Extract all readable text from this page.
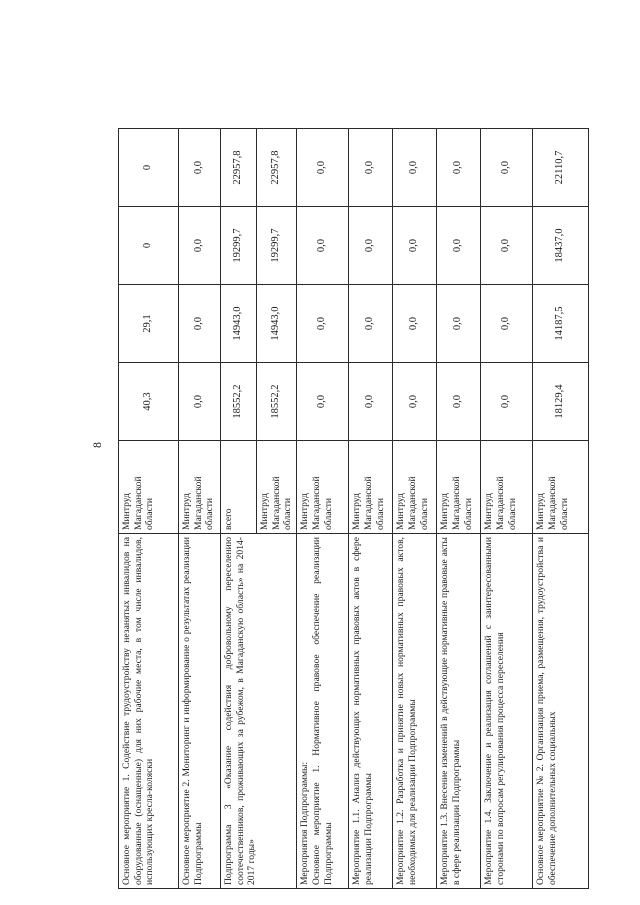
8
Основное мероприятие 1. Содействие трудоустройству незанятых инвалидов на оборудованные (оснащенные) для них рабочие места, в том числе инвалидов, использующих кресла-коляски	Минтруд Магаданской области	40,3	29,1	0	0
Основное мероприятие 2. Мониторинг и информирование о результатах реализации Подпрограммы	Минтруд Магаданской области	0,0	0,0	0,0	0,0
Подпрограмма 3 «Оказание содействия добровольному переселению соотечественников, проживающих за рубежом, в Магаданскую область» на 2014-2017 годы»	всего	18552,2	14943,0	19299,7	22957,8
	Минтруд Магаданской области	18552,2	14943,0	19299,7	22957,8

Мероприятия Подпрограммы: Основное мероприятие 1. Нормативное правовое обеспечение реализации Подпрограммы	Минтруд Магаданской области	0,0	0,0	0,0	0,0
Мероприятие 1.1. Анализ действующих нормативных правовых актов в сфере реализации Подпрограммы	Минтруд Магаданской области	0,0	0,0	0,0	0,0
Мероприятие 1.2. Разработка и принятие новых нормативных правовых актов, необходимых для реализации Подпрограммы	Минтруд Магаданской области	0,0	0,0	0,0	0,0
Мероприятие 1.3. Внесение изменений в действующие нормативные правовые акты в сфере реализации Подпрограммы	Минтруд Магаданской области	0,0	0,0	0,0	0,0
Мероприятие 1.4. Заключение и реализация соглашений с заинтересованными сторонами по вопросам регулирования процесса переселения	Минтруд Магаданской области	0,0	0,0	0,0	0,0
Основное мероприятие № 2. Организация приема, размещения, трудоустройства и обеспечение дополнительных социальных	Минтруд Магаданской области	18129,4	14187,5	18437,0	22110,7
